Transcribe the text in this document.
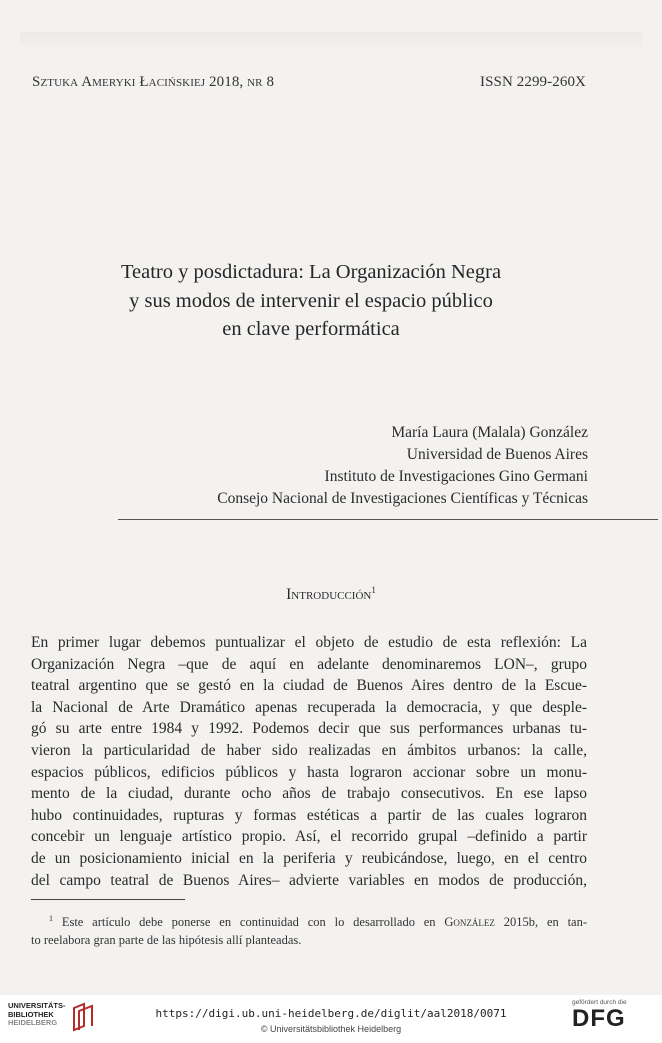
Sztuka Ameryki Łacińskiej 2018, nr 8	ISSN 2299-260X
Teatro y posdictadura: La Organización Negra
y sus modos de intervenir el espacio público
en clave performática
María Laura (Malala) González
Universidad de Buenos Aires
Instituto de Investigaciones Gino Germani
Consejo Nacional de Investigaciones Científicas y Técnicas
Introducción$^1$
En primer lugar debemos puntualizar el objeto de estudio de esta reflexión: La
Organización Negra –que de aquí en adelante denominaremos LON–, grupo
teatral argentino que se gestó en la ciudad de Buenos Aires dentro de la Escue-
la Nacional de Arte Dramático apenas recuperada la democracia, y que desple-
gó su arte entre 1984 y 1992. Podemos decir que sus performances urbanas tu-
vieron la particularidad de haber sido realizadas en ámbitos urbanos: la calle,
espacios públicos, edificios públicos y hasta lograron accionar sobre un monu-
mento de la ciudad, durante ocho años de trabajo consecutivos. En ese lapso
hubo continuidades, rupturas y formas estéticas a partir de las cuales lograron
concebir un lenguaje artístico propio. Así, el recorrido grupal –definido a partir
de un posicionamiento inicial en la periferia y reubicándose, luego, en el centro
del campo teatral de Buenos Aires– advierte variables en modos de producción,
$^1$ Este artículo debe ponerse en continuidad con lo desarrollado en González 2015b, en tan-
to reelabora gran parte de las hipótesis allí planteadas.
UNIVERSITÄTS-
BIBLIOTHEK
HEIDELBERG
https://digi.ub.uni-heidelberg.de/diglit/aal2018/0071
© Universitätsbibliothek Heidelberg
gefördert durch die
DFG
